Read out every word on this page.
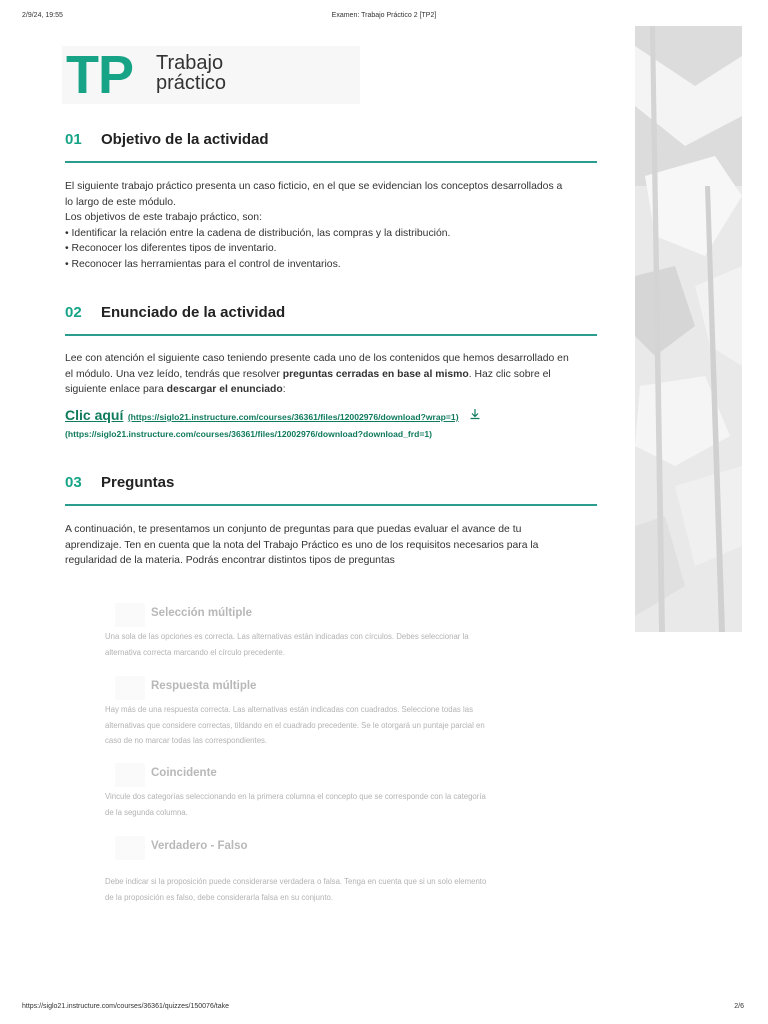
2/9/24, 19:55	Examen: Trabajo Práctico 2 [TP2]
https://siglo21.instructure.com/courses/36361/quizzes/150076/take	2/6
TP Trabajo
práctico
01 Objetivo de la actividad
El siguiente trabajo práctico presenta un caso ficticio, en el que se evidencian los conceptos desarrollados a
lo largo de este módulo.
Los objetivos de este trabajo práctico, son:
• Identificar la relación entre la cadena de distribución, las compras y la distribución.
• Reconocer los diferentes tipos de inventario.
• Reconocer las herramientas para el control de inventarios.
02 Enunciado de la actividad
Lee con atención el siguiente caso teniendo presente cada uno de los contenidos que hemos desarrollado en
el módulo. Una vez leído, tendrás que resolver preguntas cerradas en base al mismo. Haz clic sobre el
siguiente enlace para descargar el enunciado:
Clic aquí (https://siglo21.instructure.com/courses/36361/files/12002976/download?wrap=1)
(https://siglo21.instructure.com/courses/36361/files/12002976/download?download_frd=1)
03 Preguntas
A continuación, te presentamos un conjunto de preguntas para que puedas evaluar el avance de tu
aprendizaje. Ten en cuenta que la nota del Trabajo Práctico es uno de los requisitos necesarios para la
regularidad de la materia. Podrás encontrar distintos tipos de preguntas
Selección múltiple
Una sola de las opciones es correcta. Las alternativas están indicadas con círculos. Debes seleccionar la
alternativa correcta marcando el círculo precedente.
Respuesta múltiple
Hay más de una respuesta correcta. Las alternativas están indicadas con cuadrados. Seleccione todas las
alternativas que considere correctas, tildando en el cuadrado precedente. Se le otorgará un puntaje parcial en
caso de no marcar todas las correspondientes.
Coincidente
Vincule dos categorías seleccionando en la primera columna el concepto que se corresponde con la categoría
de la segunda columna.
Verdadero - Falso
Debe indicar si la proposición puede considerarse verdadera o falsa. Tenga en cuenta que si un solo elemento
de la proposición es falso, debe considerarla falsa en su conjunto.
